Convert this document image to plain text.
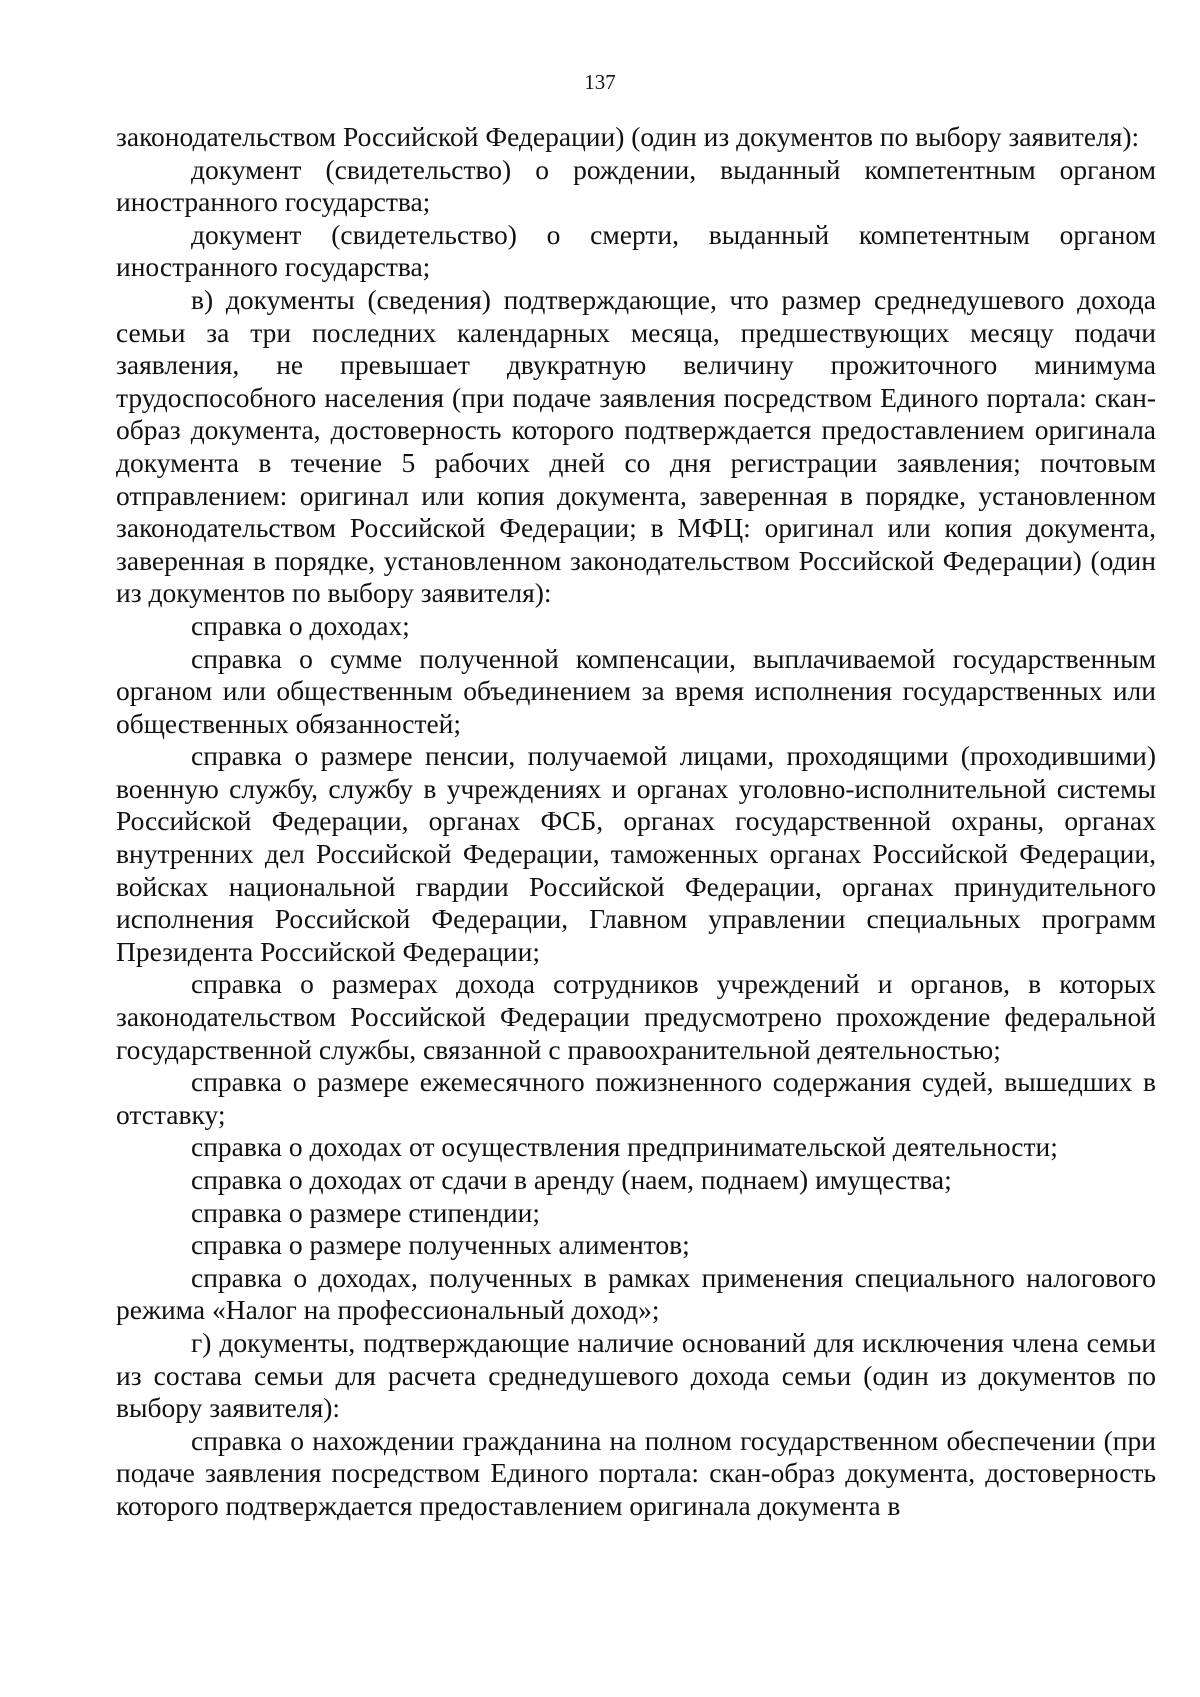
137

законодательством Российской Федерации) (один из документов по выбору заявителя):

документ (свидетельство) о рождении, выданный компетентным органом иностранного государства;

документ (свидетельство) о смерти, выданный компетентным органом иностранного государства;

в) документы (сведения) подтверждающие, что размер среднедушевого дохода семьи за три последних календарных месяца, предшествующих месяцу подачи заявления, не превышает двукратную величину прожиточного минимума трудоспособного населения (при подаче заявления посредством Единого портала: скан-образ документа, достоверность которого подтверждается предоставлением оригинала документа в течение 5 рабочих дней со дня регистрации заявления; почтовым отправлением: оригинал или копия документа, заверенная в порядке, установленном законодательством Российской Федерации; в МФЦ: оригинал или копия документа, заверенная в порядке, установленном законодательством Российской Федерации) (один из документов по выбору заявителя):

справка о доходах;

справка о сумме полученной компенсации, выплачиваемой государственным органом или общественным объединением за время исполнения государственных или общественных обязанностей;

справка о размере пенсии, получаемой лицами, проходящими (проходившими) военную службу, службу в учреждениях и органах уголовно-исполнительной системы Российской Федерации, органах ФСБ, органах государственной охраны, органах внутренних дел Российской Федерации, таможенных органах Российской Федерации, войсках национальной гвардии Российской Федерации, органах принудительного исполнения Российской Федерации, Главном управлении специальных программ Президента Российской Федерации;

справка о размерах дохода сотрудников учреждений и органов, в которых законодательством Российской Федерации предусмотрено прохождение федеральной государственной службы, связанной с правоохранительной деятельностью;

справка о размере ежемесячного пожизненного содержания судей, вышедших в отставку;

справка о доходах от осуществления предпринимательской деятельности;

справка о доходах от сдачи в аренду (наем, поднаем) имущества;

справка о размере стипендии;

справка о размере полученных алиментов;

справка о доходах, полученных в рамках применения специального налогового режима «Налог на профессиональный доход»;

г) документы, подтверждающие наличие оснований для исключения члена семьи из состава семьи для расчета среднедушевого дохода семьи (один из документов по выбору заявителя):

справка о нахождении гражданина на полном государственном обеспечении (при подаче заявления посредством Единого портала: скан-образ документа, достоверность которого подтверждается предоставлением оригинала документа в
